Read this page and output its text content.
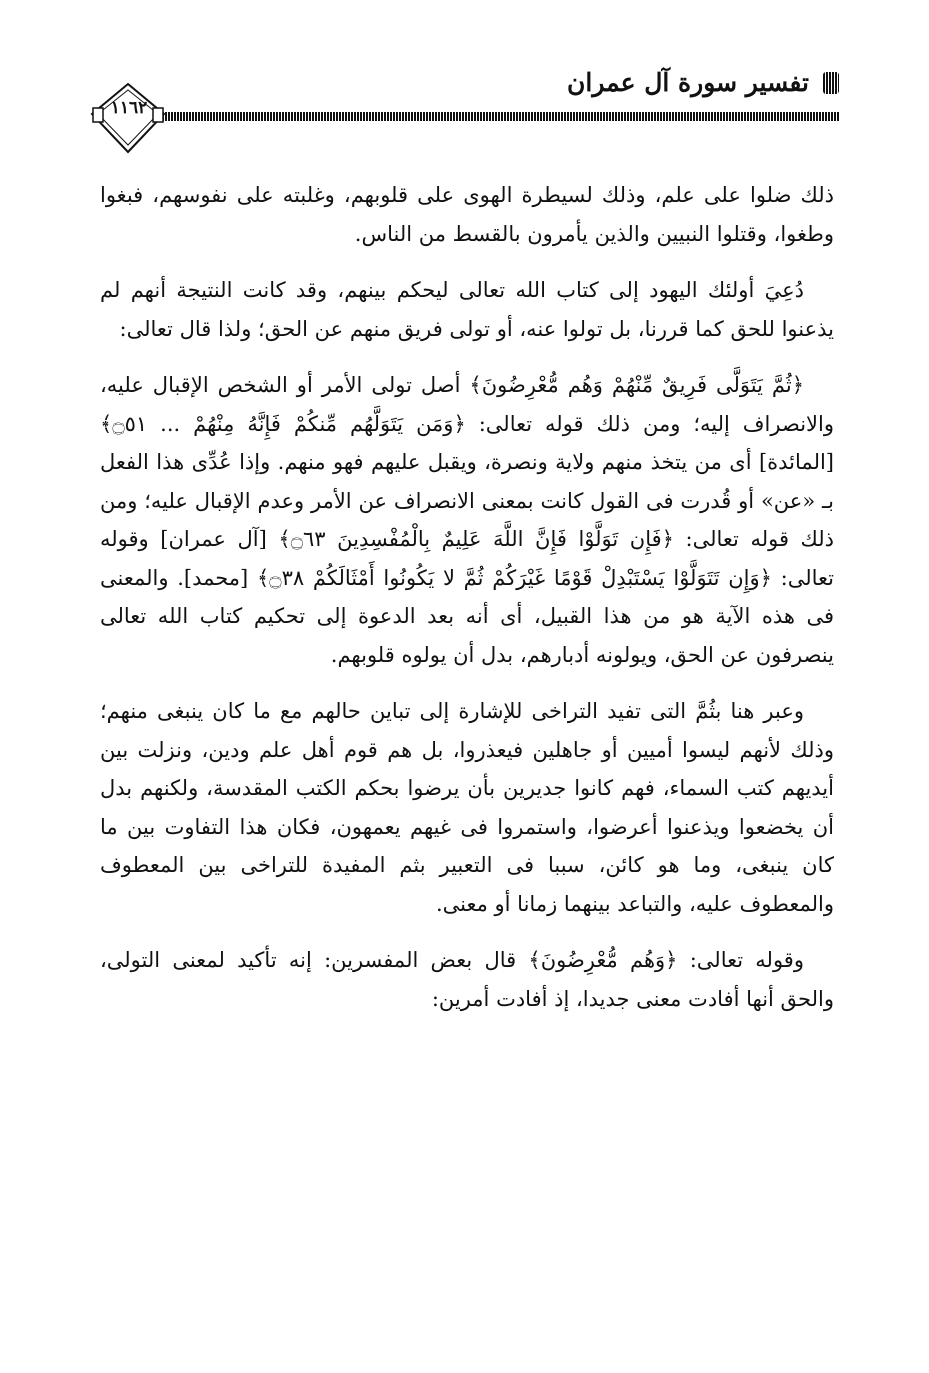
تفسير سورة آل عمران
١١٦٢

ذلك ضلوا على علم، وذلك لسيطرة الهوى على قلوبهم، وغلبته على نفوسهم، فبغوا وطغوا، وقتلوا النبيين والذين يأمرون بالقسط من الناس.

دُعِيَ أولئك اليهود إلى كتاب الله تعالى ليحكم بينهم، وقد كانت النتيجة أنهم لم يذعنوا للحق كما قررنا، بل تولوا عنه، أو تولى فريق منهم عن الحق؛ ولذا قال تعالى:

﴿ثُمَّ يَتَوَلَّى فَرِيقٌ مِّنْهُمْ وَهُم مُّعْرِضُونَ﴾ أصل تولى الأمر أو الشخص الإقبال عليه، والانصراف إليه؛ ومن ذلك قوله تعالى: ﴿وَمَن يَتَوَلَّهُم مِّنكُمْ فَإِنَّهُ مِنْهُمْ ... ۝٥١﴾ [المائدة] أى من يتخذ منهم ولاية ونصرة، ويقبل عليهم فهو منهم. وإذا عُدِّى هذا الفعل بـ «عن» أو قُدرت فى القول كانت بمعنى الانصراف عن الأمر وعدم الإقبال عليه؛ ومن ذلك قوله تعالى: ﴿فَإِن تَوَلَّوْا فَإِنَّ اللَّهَ عَلِيمٌ بِالْمُفْسِدِينَ ۝٦٣﴾ [آل عمران] وقوله تعالى: ﴿وَإِن تَتَوَلَّوْا يَسْتَبْدِلْ قَوْمًا غَيْرَكُمْ ثُمَّ لا يَكُونُوا أَمْثَالَكُمْ ۝٣٨﴾ [محمد]. والمعنى فى هذه الآية هو من هذا القبيل، أى أنه بعد الدعوة إلى تحكيم كتاب الله تعالى ينصرفون عن الحق، ويولونه أدبارهم، بدل أن يولوه قلوبهم.

وعبر هنا بثُمَّ التى تفيد التراخى للإشارة إلى تباين حالهم مع ما كان ينبغى منهم؛ وذلك لأنهم ليسوا أميين أو جاهلين فيعذروا، بل هم قوم أهل علم ودين، ونزلت بين أيديهم كتب السماء، فهم كانوا جديرين بأن يرضوا بحكم الكتب المقدسة، ولكنهم بدل أن يخضعوا ويذعنوا أعرضوا، واستمروا فى غيهم يعمهون، فكان هذا التفاوت بين ما كان ينبغى، وما هو كائن، سببا فى التعبير بثم المفيدة للتراخى بين المعطوف والمعطوف عليه، والتباعد بينهما زمانا أو معنى.

وقوله تعالى: ﴿وَهُم مُّعْرِضُونَ﴾ قال بعض المفسرين: إنه تأكيد لمعنى التولى، والحق أنها أفادت معنى جديدا، إذ أفادت أمرين:
